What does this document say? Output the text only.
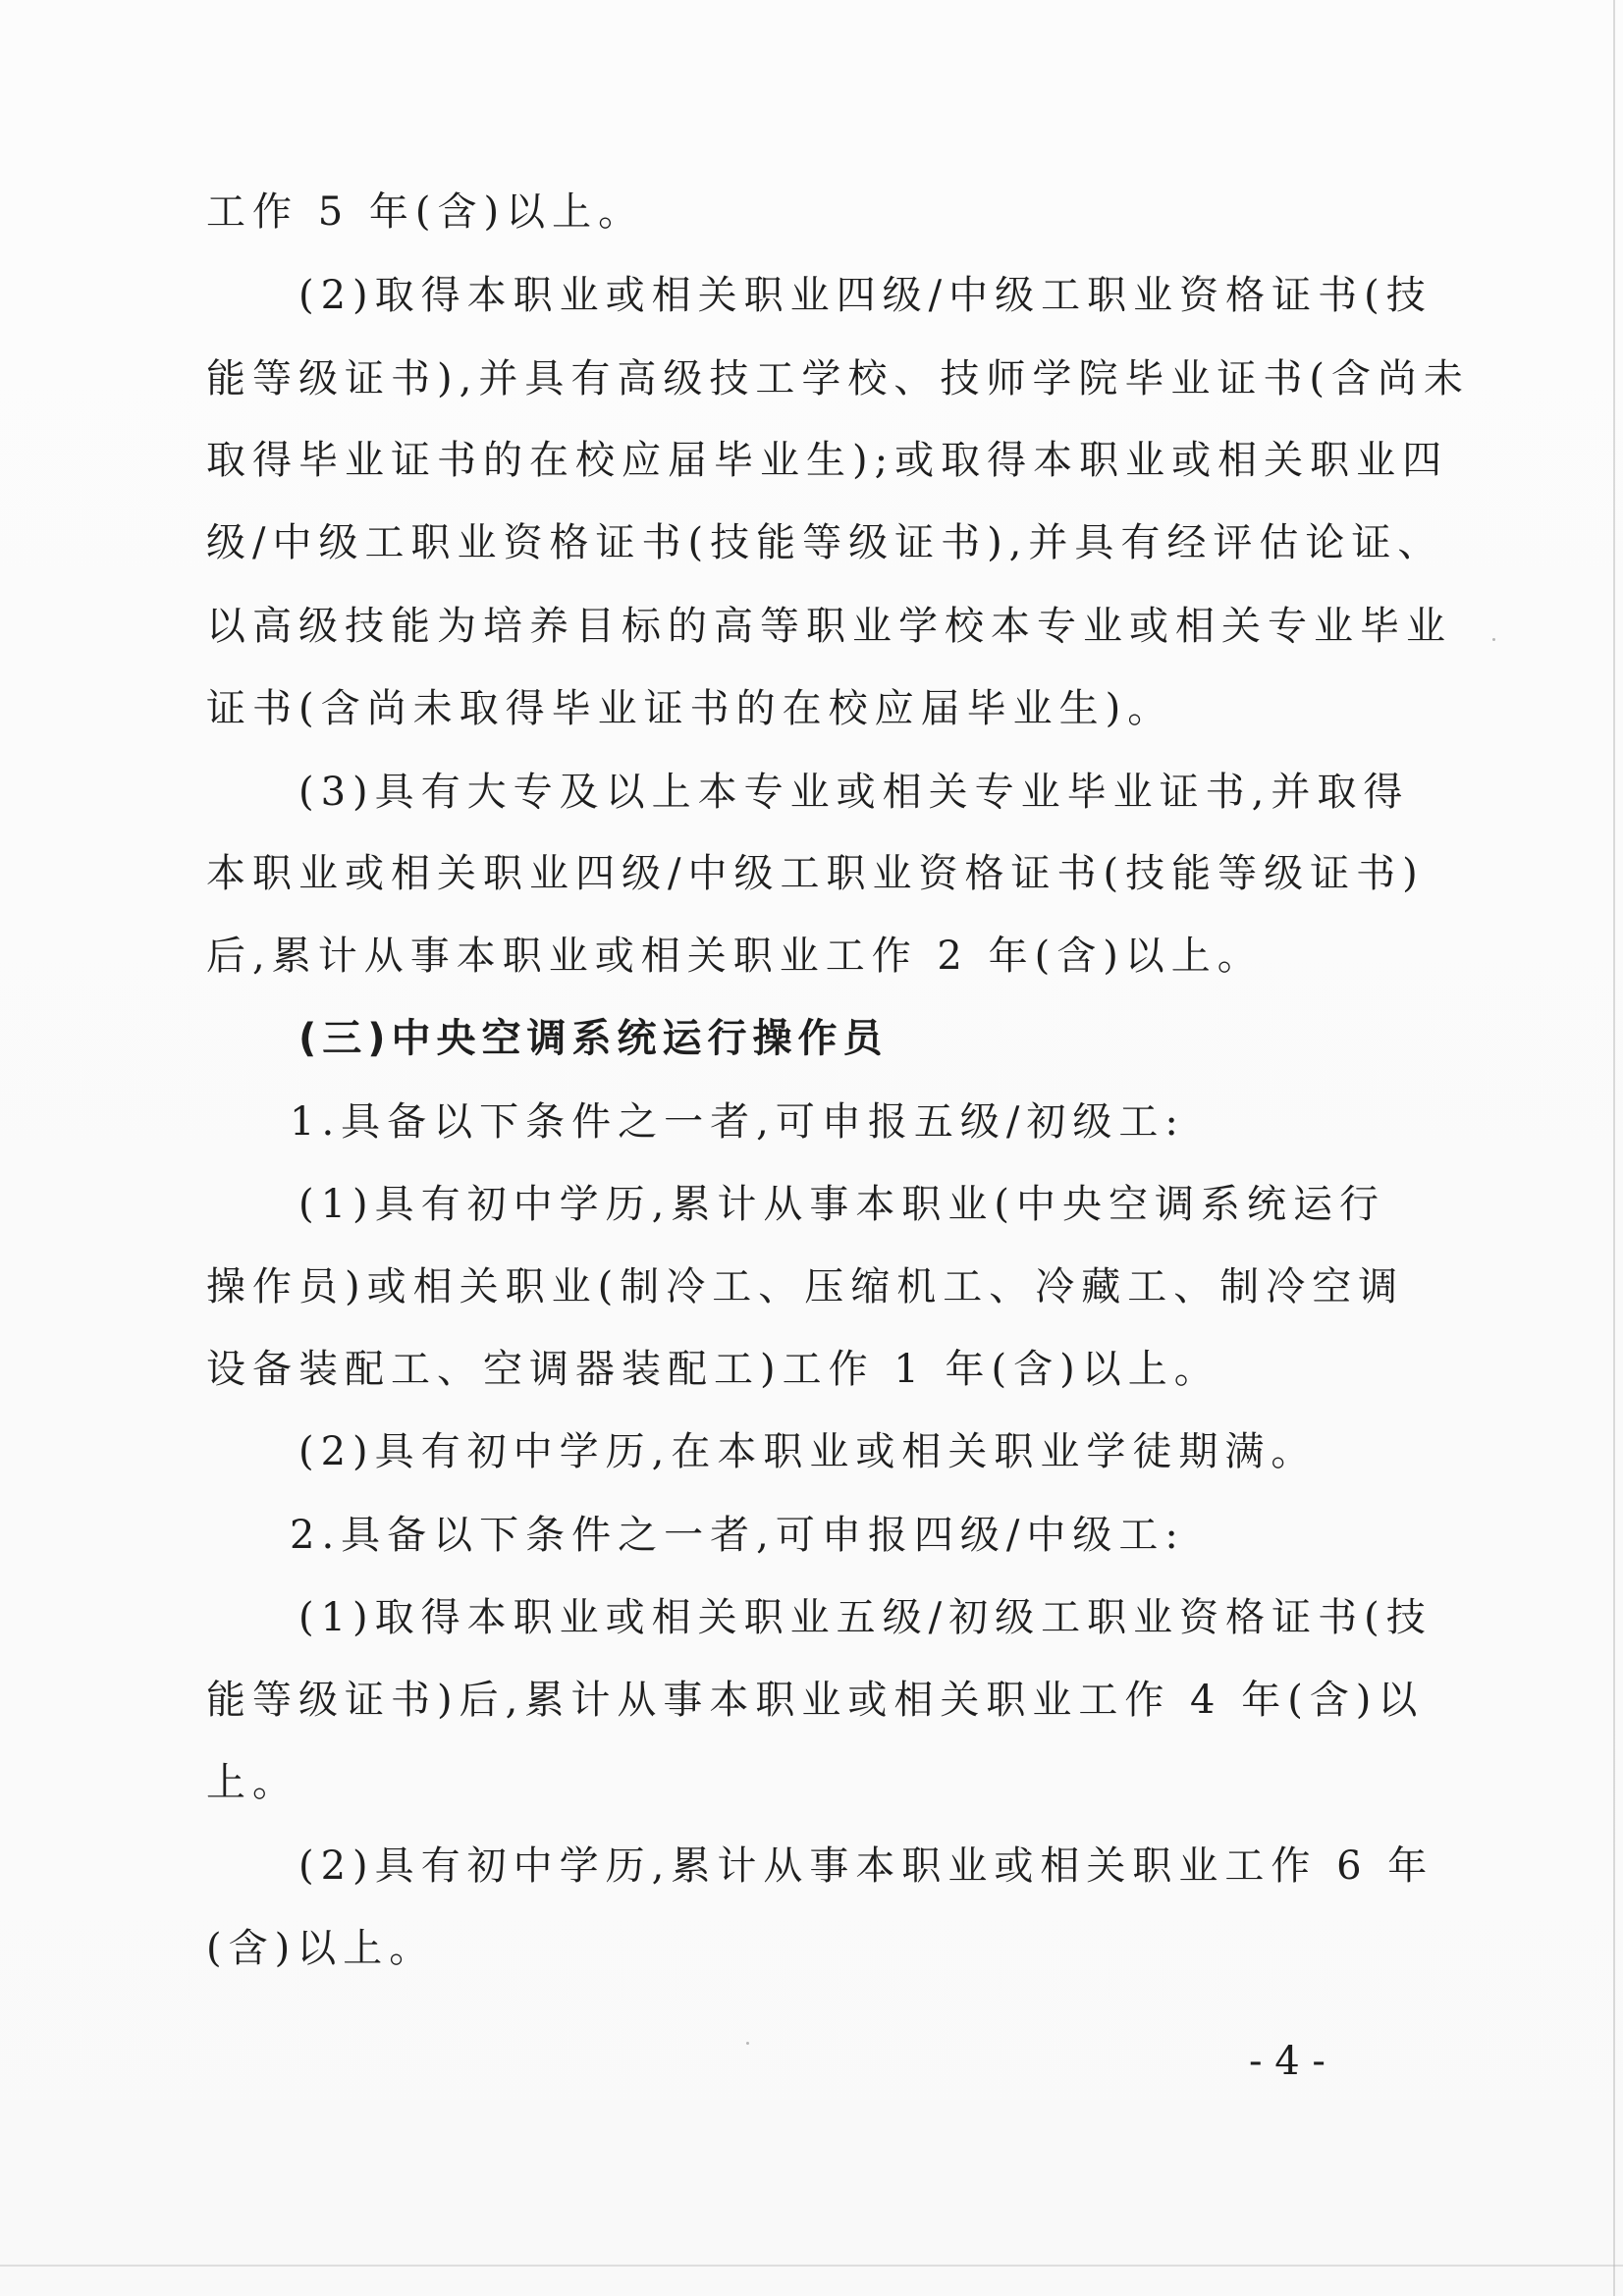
工作 5 年(含)以上。
(2)取得本职业或相关职业四级/中级工职业资格证书(技
能等级证书),并具有高级技工学校、技师学院毕业证书(含尚未
取得毕业证书的在校应届毕业生);或取得本职业或相关职业四
级/中级工职业资格证书(技能等级证书),并具有经评估论证、
以高级技能为培养目标的高等职业学校本专业或相关专业毕业
证书(含尚未取得毕业证书的在校应届毕业生)。
(3)具有大专及以上本专业或相关专业毕业证书,并取得
本职业或相关职业四级/中级工职业资格证书(技能等级证书)
后,累计从事本职业或相关职业工作 2 年(含)以上。
(三)中央空调系统运行操作员
1.具备以下条件之一者,可申报五级/初级工:
(1)具有初中学历,累计从事本职业(中央空调系统运行
操作员)或相关职业(制冷工、压缩机工、冷藏工、制冷空调
设备装配工、空调器装配工)工作 1 年(含)以上。
(2)具有初中学历,在本职业或相关职业学徒期满。
2.具备以下条件之一者,可申报四级/中级工:
(1)取得本职业或相关职业五级/初级工职业资格证书(技
能等级证书)后,累计从事本职业或相关职业工作 4 年(含)以
上。
(2)具有初中学历,累计从事本职业或相关职业工作 6 年
(含)以上。
- 4 -
